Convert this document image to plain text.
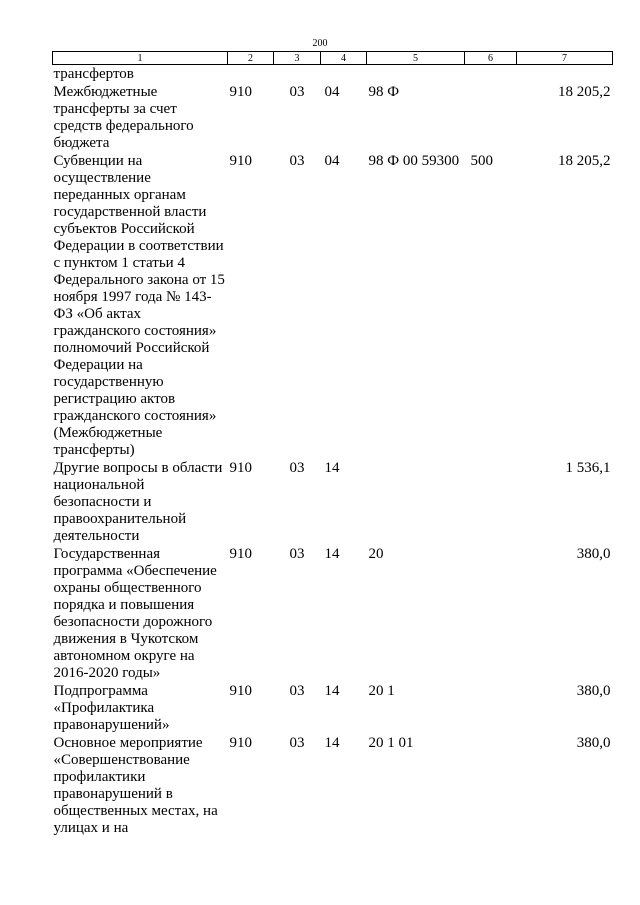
200
1	2	3	4	5	6	7
трансфертов						
Межбюджетные трансферты за счет средств федерального бюджета	910	03	04	98 Ф		18 205,2
Субвенции на осуществление переданных органам государственной власти субъектов Российской Федерации в соответствии с пунктом 1 статьи 4 Федерального закона от 15 ноября 1997 года № 143-ФЗ «Об актах гражданского состояния» полномочий Российской Федерации на государственную регистрацию актов гражданского состояния» (Межбюджетные трансферты)	910	03	04	98 Ф 00 59300	500	18 205,2
Другие вопросы в области национальной безопасности и правоохранительной деятельности	910	03	14			1 536,1
Государственная программа «Обеспечение охраны общественного порядка и повышения безопасности дорожного движения в Чукотском автономном округе на 2016-2020 годы»	910	03	14	20		380,0
Подпрограмма «Профилактика правонарушений»	910	03	14	20 1		380,0
Основное мероприятие «Совершенствование профилактики правонарушений в общественных местах, на улицах и на	910	03	14	20 1 01		380,0
